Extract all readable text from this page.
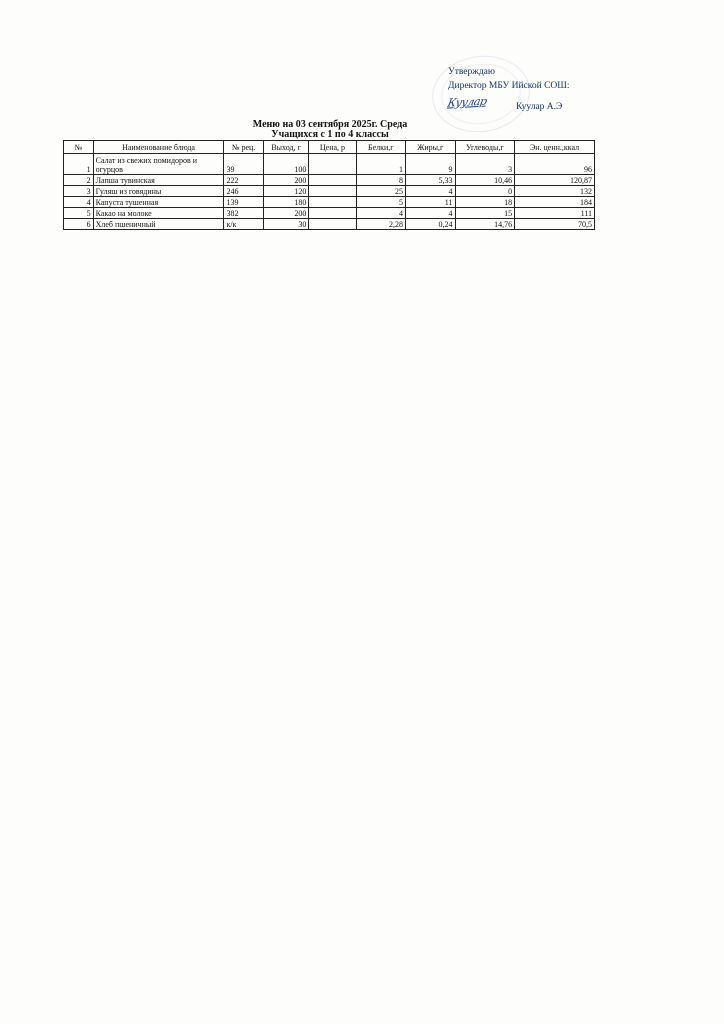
Утверждаю
Директор МБУ Ийской СОШ:
Куулар	Куулар А.Э
Меню на 03 сентября 2025г. Среда
Учащихся с 1 по 4 классы
№	Наименование блюда	№ рец.	Выход, г	Цена, р	Белки,г	Жиры,г	Углеводы,г	Эн. ценн.,ккал
1	Салат из свежих помидоров и огурцов	39	100		1	9	3	96
2	Лапша тувинская	222	200		8	5,33	10,46	120,87
3	Гуляш из говядины	246	120		25	4	0	132
4	Капуста тушенная	139	180		5	11	18	184
5	Какао на молоке	382	200		4	4	15	111
6	Хлеб пшеничный	к/к	30		2,28	0,24	14,76	70,5
